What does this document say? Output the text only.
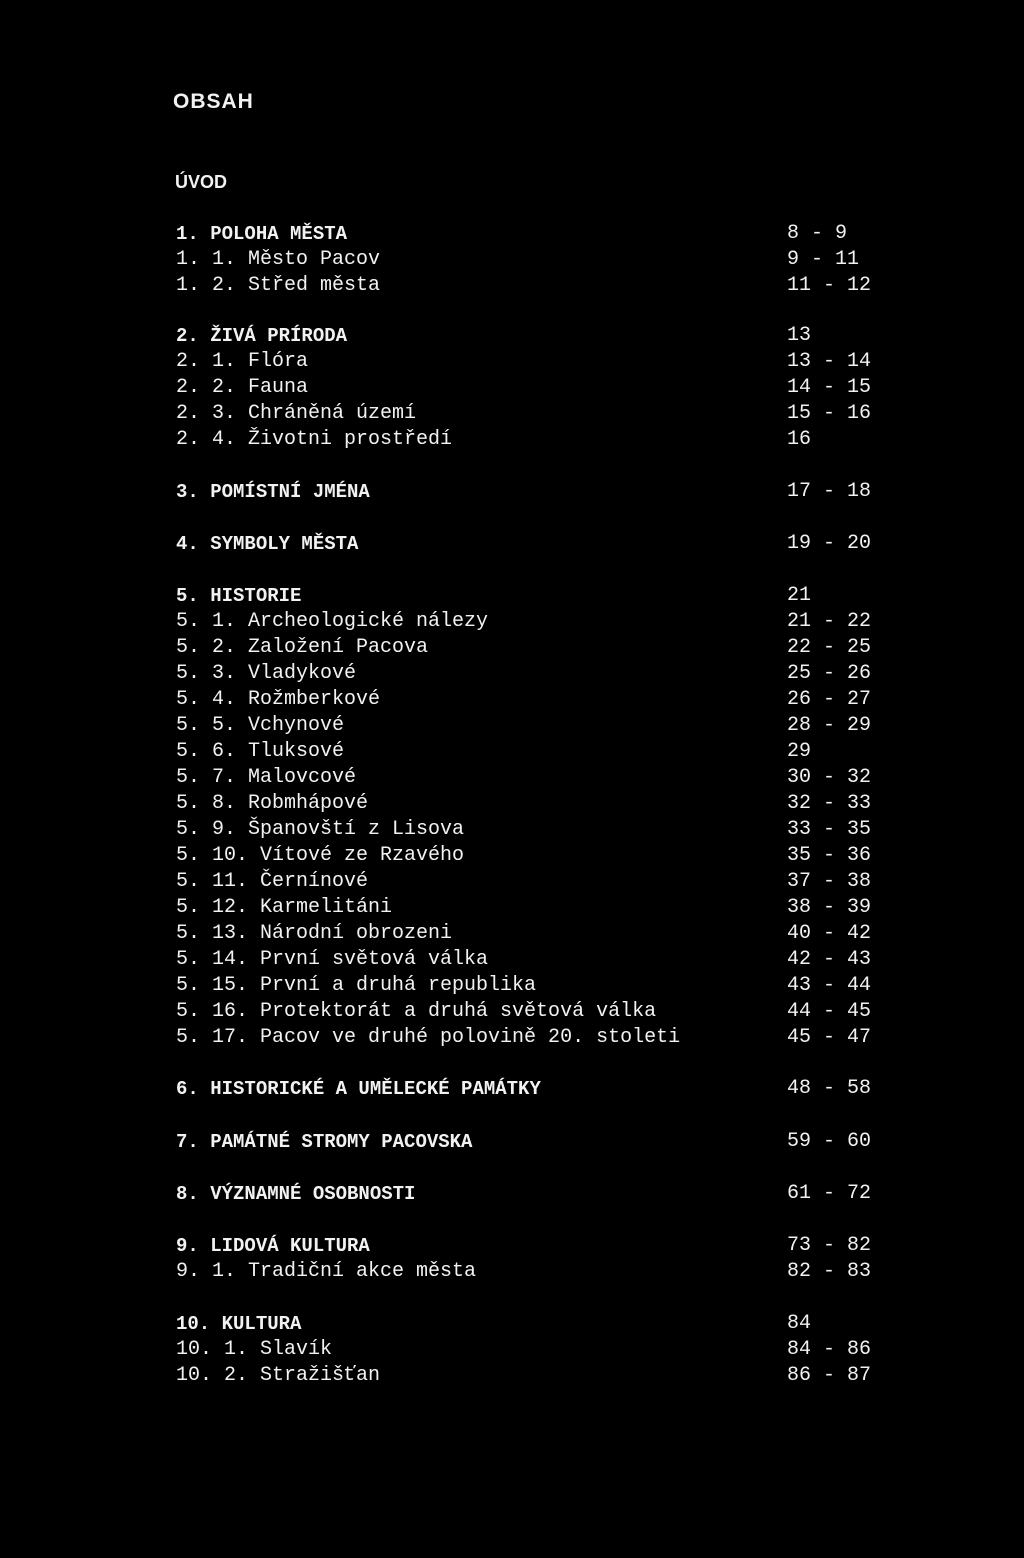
OBSAH
ÚVOD
1. POLOHA MĚSTA	8 - 9
1. 1. Město Pacov	9 - 11
1. 2. Střed města	11 - 12
2. ŽIVÁ PRÍRODA	13
2. 1. Flóra	13 - 14
2. 2. Fauna	14 - 15
2. 3. Chráněná území	15 - 16
2. 4. Životni prostředí	16
3. POMÍSTNÍ JMÉNA	17 - 18
4. SYMBOLY MĚSTA	19 - 20
5. HISTORIE	21
5. 1. Archeologické nálezy	21 - 22
5. 2. Založení Pacova	22 - 25
5. 3. Vladykové	25 - 26
5. 4. Rožmberkové	26 - 27
5. 5. Vchynové	28 - 29
5. 6. Tluksové	29
5. 7. Malovcové	30 - 32
5. 8. Robmhápové	32 - 33
5. 9. Španovští z Lisova	33 - 35
5. 10. Vítové ze Rzavého	35 - 36
5. 11. Černínové	37 - 38
5. 12. Karmelitáni	38 - 39
5. 13. Národní obrozeni	40 - 42
5. 14. První světová válka	42 - 43
5. 15. První a druhá republika	43 - 44
5. 16. Protektorát a druhá světová válka	44 - 45
5. 17. Pacov ve druhé polovině 20. stoleti	45 - 47
6. HISTORICKÉ A UMĚLECKÉ PAMÁTKY	48 - 58
7. PAMÁTNÉ STROMY PACOVSKA	59 - 60
8. VÝZNAMNÉ OSOBNOSTI	61 - 72
9. LIDOVÁ KULTURA	73 - 82
9. 1. Tradiční akce města	82 - 83
10. KULTURA	84
10. 1. Slavík	84 - 86
10. 2. Stražišťan	86 - 87
